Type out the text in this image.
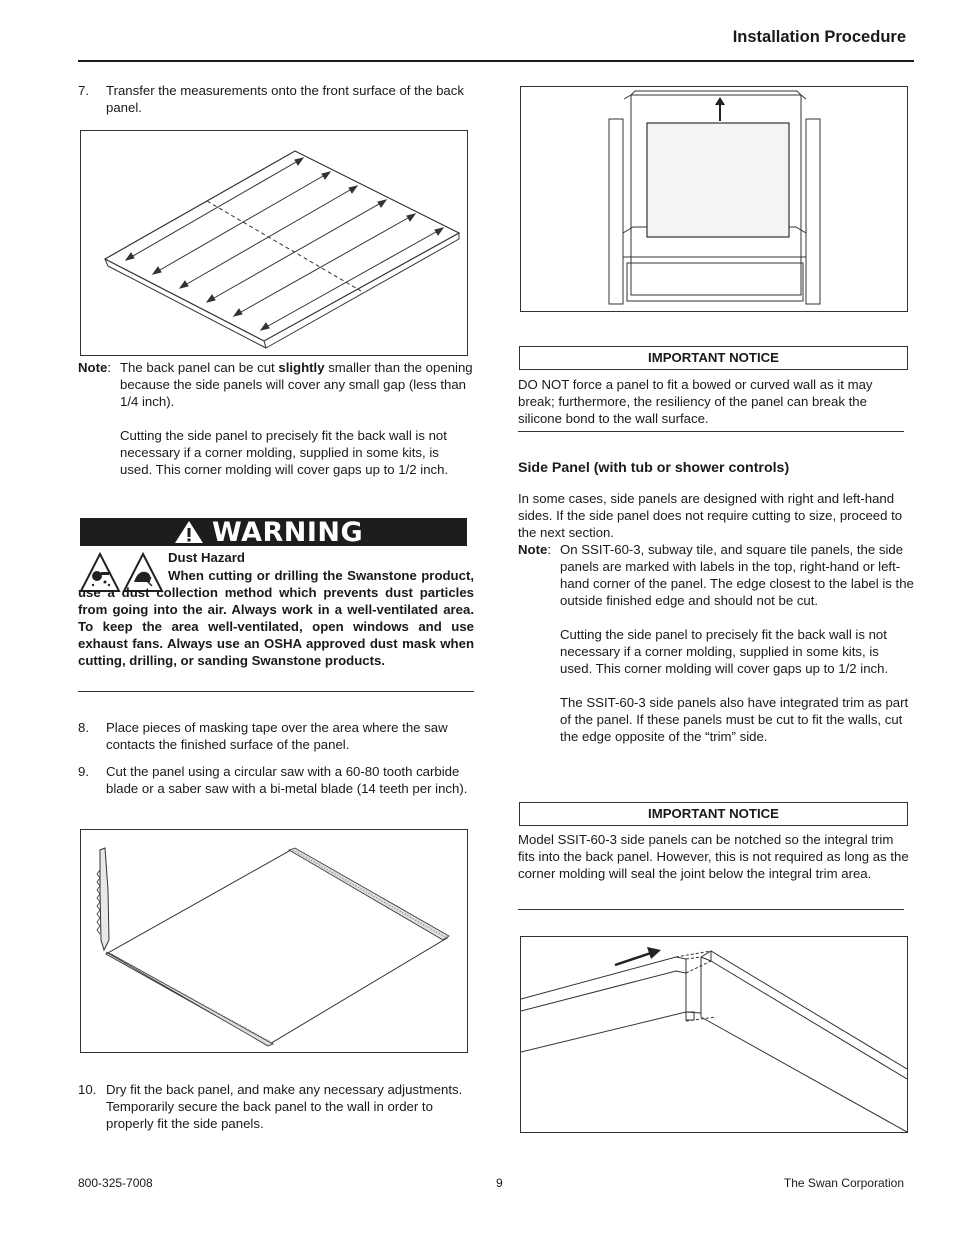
Installation Procedure
7.	Transfer the measurements onto the front surface of the back panel.
Note: The back panel can be cut slightly smaller than the opening because the side panels will cover any small gap (less than 1/4 inch).
Cutting the side panel to precisely fit the back wall is not necessary if a corner molding, supplied in some kits, is used. This corner molding will cover gaps up to 1/2 inch.
WARNING
Dust Hazard
When cutting or drilling the Swanstone product, use a dust collection method which prevents dust particles from going into the air. Always work in a well-ventilated area. To keep the area well-ventilated, open windows and use exhaust fans. Always use an OSHA approved dust mask when cutting, drilling, or sanding Swanstone products.
8.	Place pieces of masking tape over the area where the saw contacts the finished surface of the panel.
9.	Cut the panel using a circular saw with a 60-80 tooth carbide blade or a saber saw with a bi-metal blade (14 teeth per inch).
10. Dry fit the back panel, and make any necessary adjustments. Temporarily secure the back panel to the wall in order to properly fit the side panels.
IMPORTANT NOTICE
DO NOT force a panel to fit a bowed or curved wall as it may break; furthermore, the resiliency of the panel can break the silicone bond to the wall surface.
Side Panel (with tub or shower controls)
In some cases, side panels are designed with right and left-hand sides. If the side panel does not require cutting to size, proceed to the next section.
Note: On SSIT-60-3, subway tile, and square tile panels, the side panels are marked with labels in the top, right-hand or left-hand corner of the panel. The edge closest to the label is the outside finished edge and should not be cut.
Cutting the side panel to precisely fit the back wall is not necessary if a corner molding, supplied in some kits, is used. This corner molding will cover gaps up to 1/2 inch.
The SSIT-60-3 side panels also have integrated trim as part of the panel. If these panels must be cut to fit the walls, cut the edge opposite of the “trim” side.
IMPORTANT NOTICE
Model SSIT-60-3 side panels can be notched so the integral trim fits into the back panel. However, this is not required as long as the corner molding will seal the joint below the integral trim area.
800-325-7008	9	The Swan Corporation
